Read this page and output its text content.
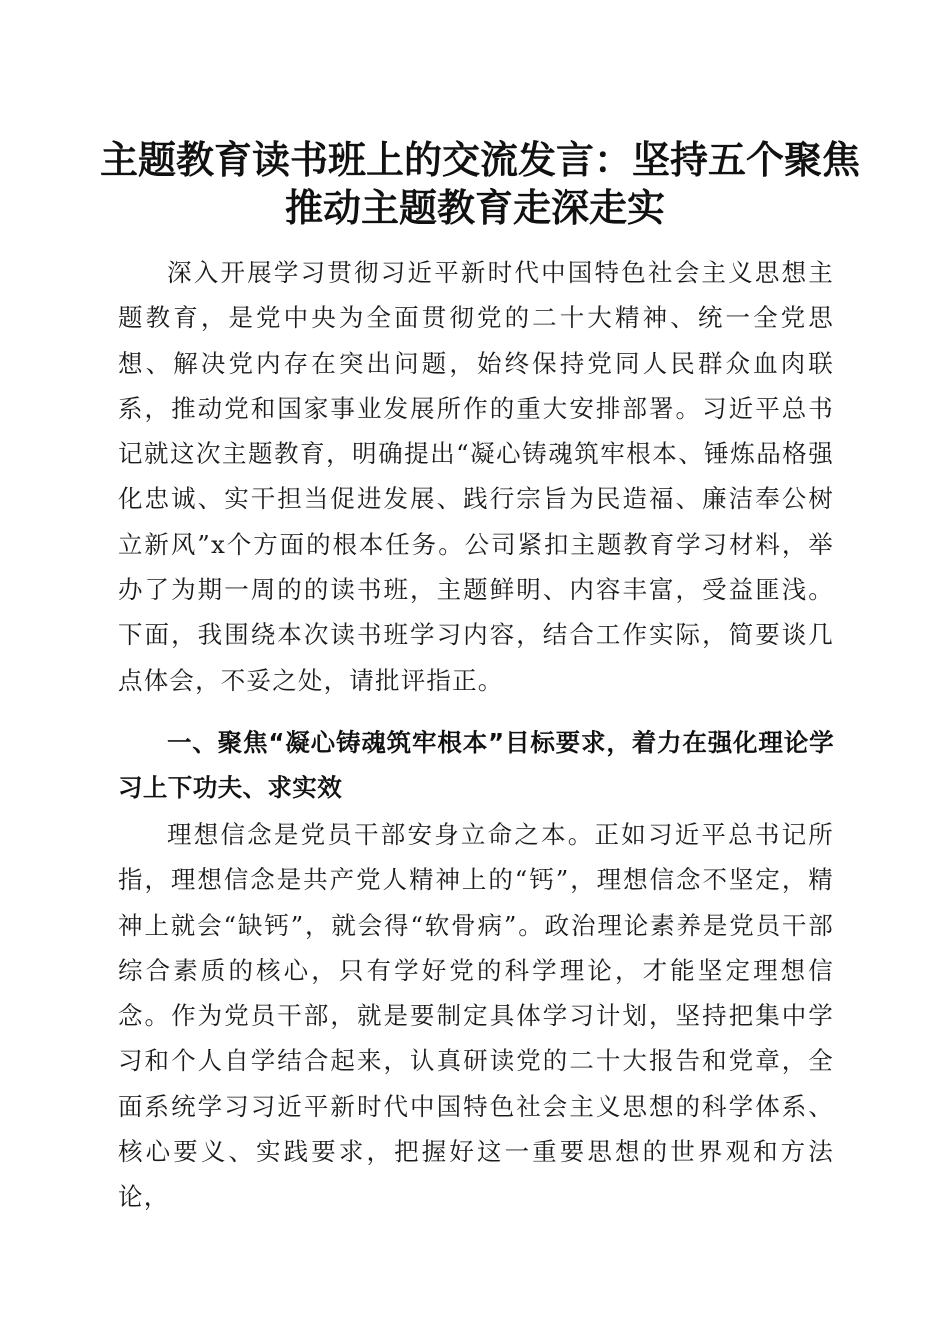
主题教育读书班上的交流发言：坚持五个聚焦
推动主题教育走深走实

深入开展学习贯彻习近平新时代中国特色社会主义思想主题教育，是党中央为全面贯彻党的二十大精神、统一全党思想、解决党内存在突出问题，始终保持党同人民群众血肉联系，推动党和国家事业发展所作的重大安排部署。习近平总书记就这次主题教育，明确提出“凝心铸魂筑牢根本、锤炼品格强化忠诚、实干担当促进发展、践行宗旨为民造福、廉洁奉公树立新风”x个方面的根本任务。公司紧扣主题教育学习材料，举办了为期一周的的读书班，主题鲜明、内容丰富，受益匪浅。下面，我围绕本次读书班学习内容，结合工作实际，简要谈几点体会，不妥之处，请批评指正。

一、聚焦“凝心铸魂筑牢根本”目标要求，着力在强化理论学习上下功夫、求实效

理想信念是党员干部安身立命之本。正如习近平总书记所指，理想信念是共产党人精神上的“钙”，理想信念不坚定，精神上就会“缺钙”，就会得“软骨病”。政治理论素养是党员干部综合素质的核心，只有学好党的科学理论，才能坚定理想信念。作为党员干部，就是要制定具体学习计划，坚持把集中学习和个人自学结合起来，认真研读党的二十大报告和党章，全面系统学习习近平新时代中国特色社会主义思想的科学体系、核心要义、实践要求，把握好这一重要思想的世界观和方法论，
